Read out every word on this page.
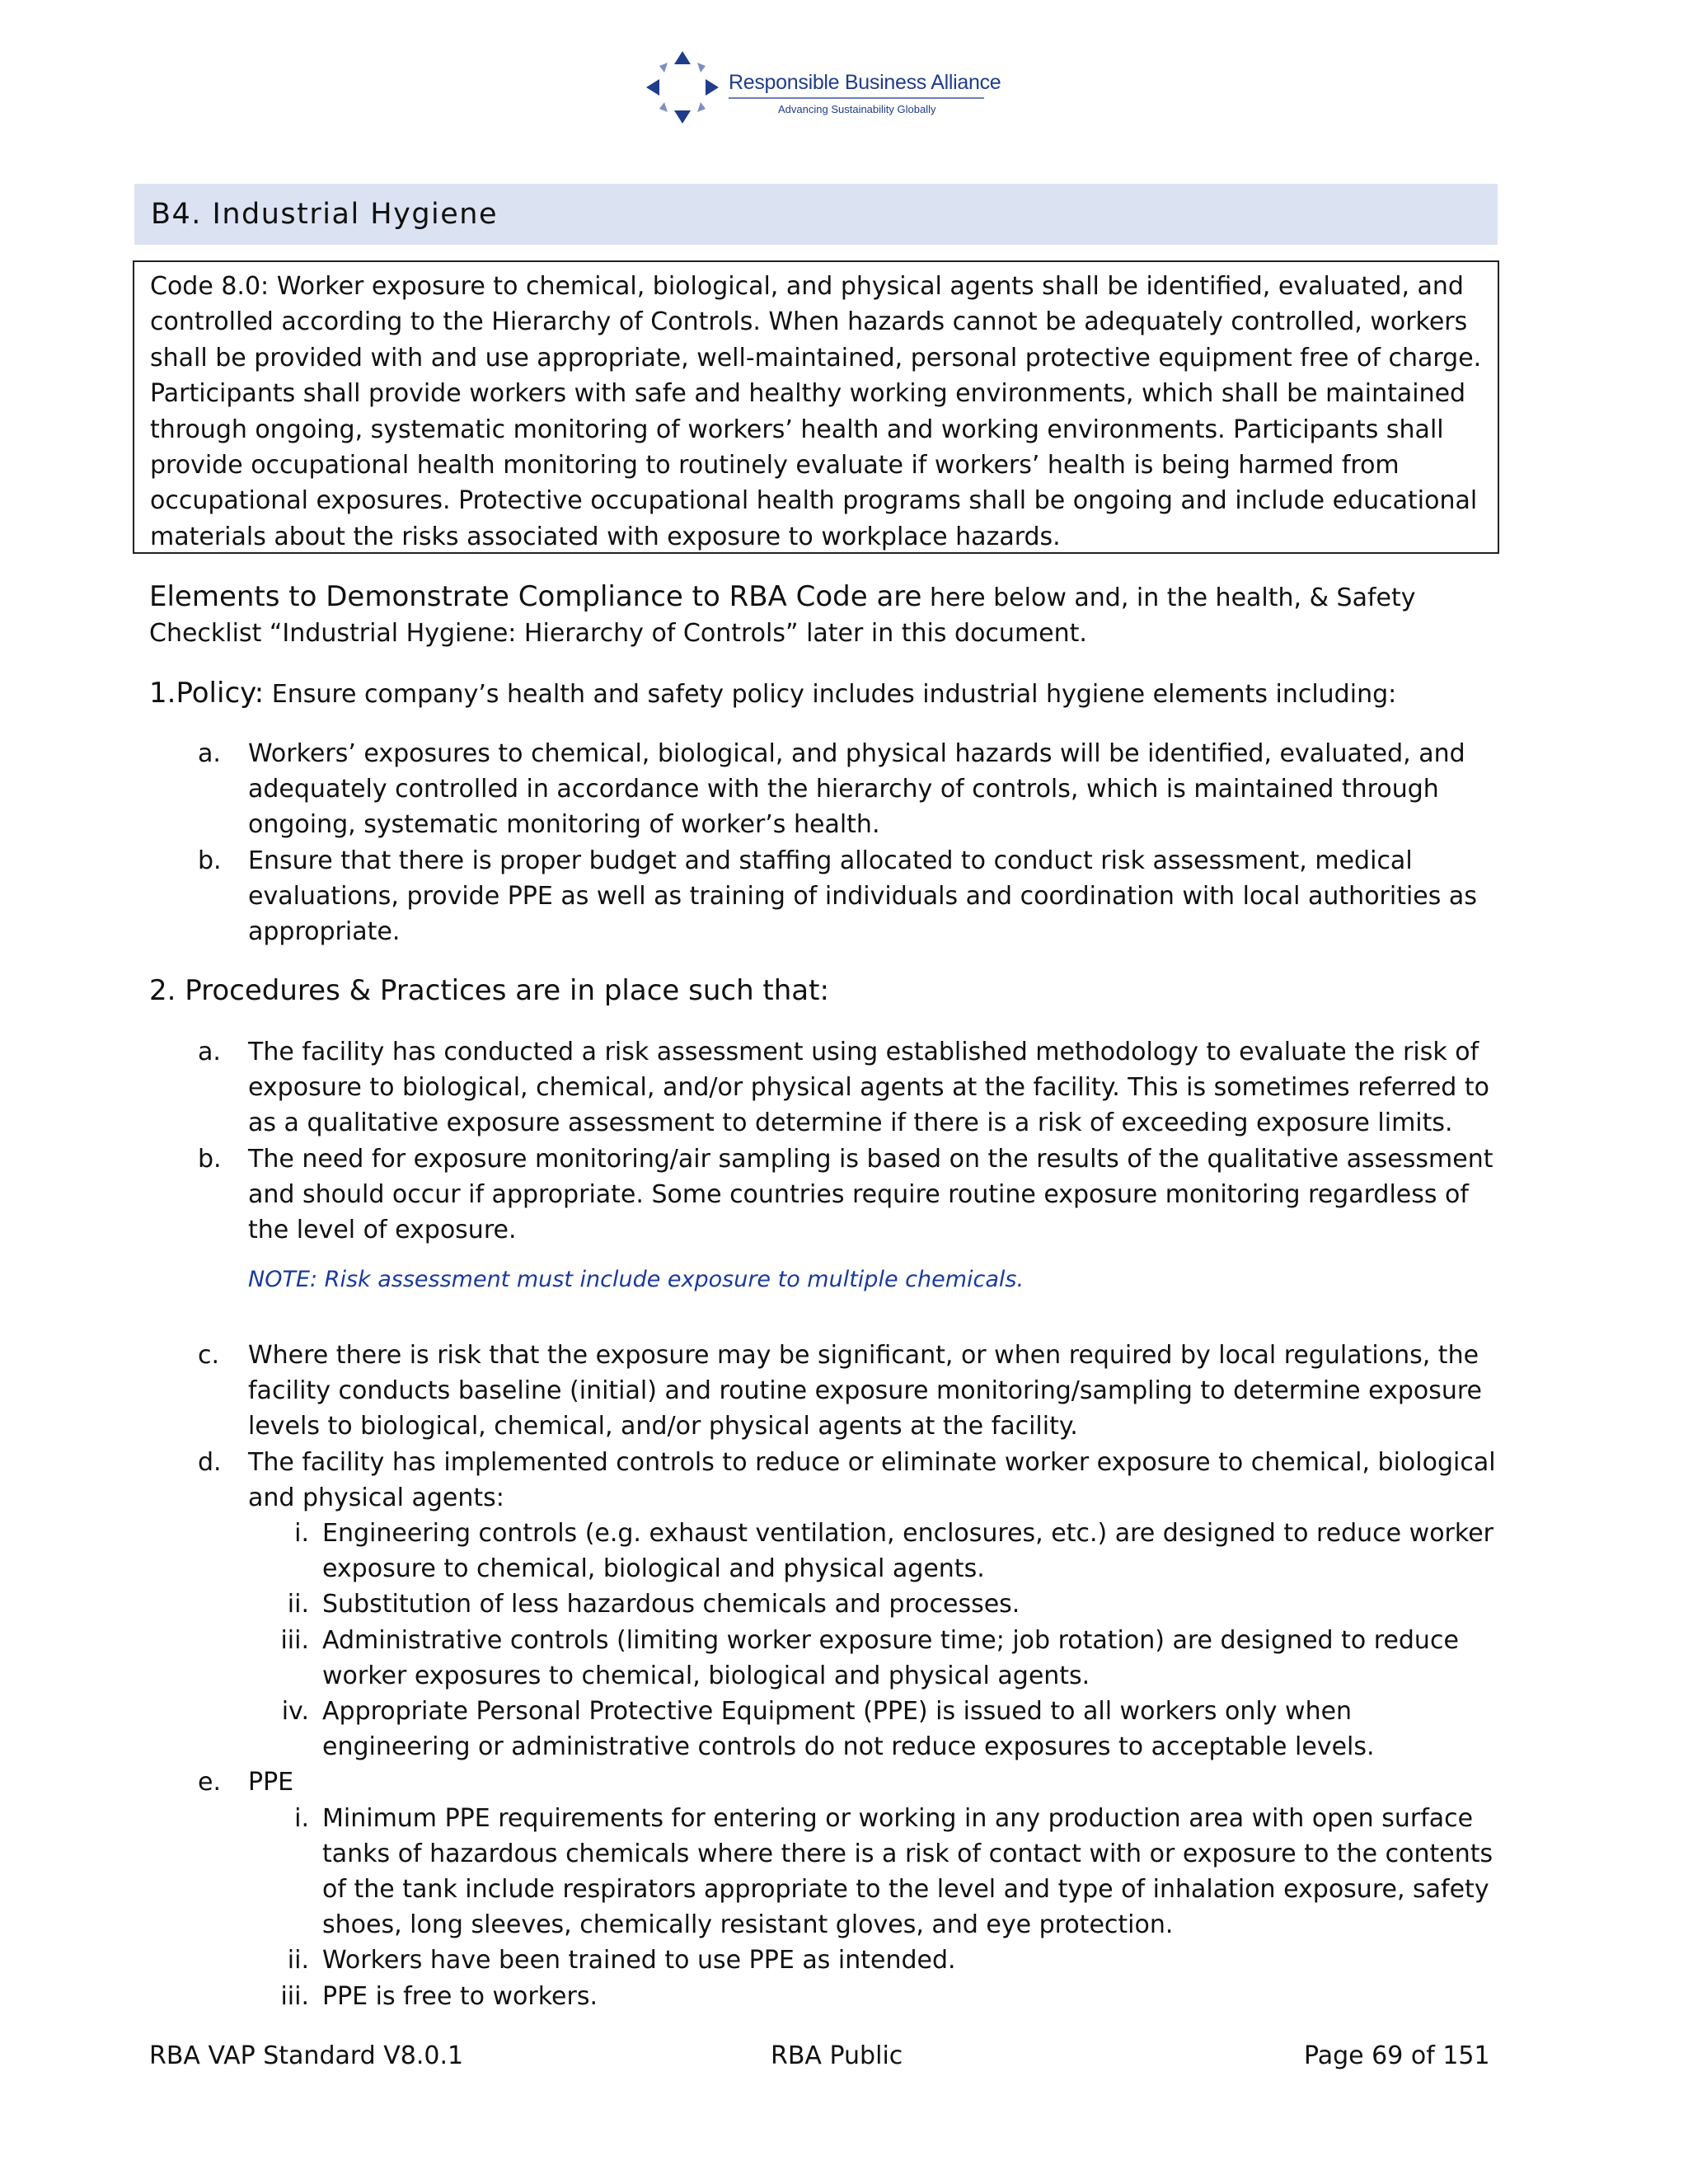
Responsible Business Alliance
Advancing Sustainability Globally
B4. Industrial Hygiene
Code 8.0: Worker exposure to chemical, biological, and physical agents shall be identified, evaluated, and controlled according to the Hierarchy of Controls. When hazards cannot be adequately controlled, workers shall be provided with and use appropriate, well-maintained, personal protective equipment free of charge. Participants shall provide workers with safe and healthy working environments, which shall be maintained through ongoing, systematic monitoring of workers’ health and working environments. Participants shall provide occupational health monitoring to routinely evaluate if workers’ health is being harmed from occupational exposures. Protective occupational health programs shall be ongoing and include educational materials about the risks associated with exposure to workplace hazards.
Elements to Demonstrate Compliance to RBA Code are here below and, in the health, & Safety Checklist “Industrial Hygiene: Hierarchy of Controls” later in this document.
1.Policy: Ensure company’s health and safety policy includes industrial hygiene elements including:
a.	Workers’ exposures to chemical, biological, and physical hazards will be identified, evaluated, and adequately controlled in accordance with the hierarchy of controls, which is maintained through ongoing, systematic monitoring of worker’s health.
b.	Ensure that there is proper budget and staffing allocated to conduct risk assessment, medical evaluations, provide PPE as well as training of individuals and coordination with local authorities as appropriate.
2. Procedures & Practices are in place such that:
a.	The facility has conducted a risk assessment using established methodology to evaluate the risk of exposure to biological, chemical, and/or physical agents at the facility. This is sometimes referred to as a qualitative exposure assessment to determine if there is a risk of exceeding exposure limits.
b.	The need for exposure monitoring/air sampling is based on the results of the qualitative assessment and should occur if appropriate. Some countries require routine exposure monitoring regardless of the level of exposure.
NOTE: Risk assessment must include exposure to multiple chemicals.
c.	Where there is risk that the exposure may be significant, or when required by local regulations, the facility conducts baseline (initial) and routine exposure monitoring/sampling to determine exposure levels to biological, chemical, and/or physical agents at the facility.
d.	The facility has implemented controls to reduce or eliminate worker exposure to chemical, biological and physical agents:
i. Engineering controls (e.g. exhaust ventilation, enclosures, etc.) are designed to reduce worker exposure to chemical, biological and physical agents.
ii. Substitution of less hazardous chemicals and processes.
iii. Administrative controls (limiting worker exposure time; job rotation) are designed to reduce worker exposures to chemical, biological and physical agents.
iv. Appropriate Personal Protective Equipment (PPE) is issued to all workers only when engineering or administrative controls do not reduce exposures to acceptable levels.
e.	PPE
i. Minimum PPE requirements for entering or working in any production area with open surface tanks of hazardous chemicals where there is a risk of contact with or exposure to the contents of the tank include respirators appropriate to the level and type of inhalation exposure, safety shoes, long sleeves, chemically resistant gloves, and eye protection.
ii. Workers have been trained to use PPE as intended.
iii. PPE is free to workers.
RBA VAP Standard V8.0.1	RBA Public	Page 69 of 151
